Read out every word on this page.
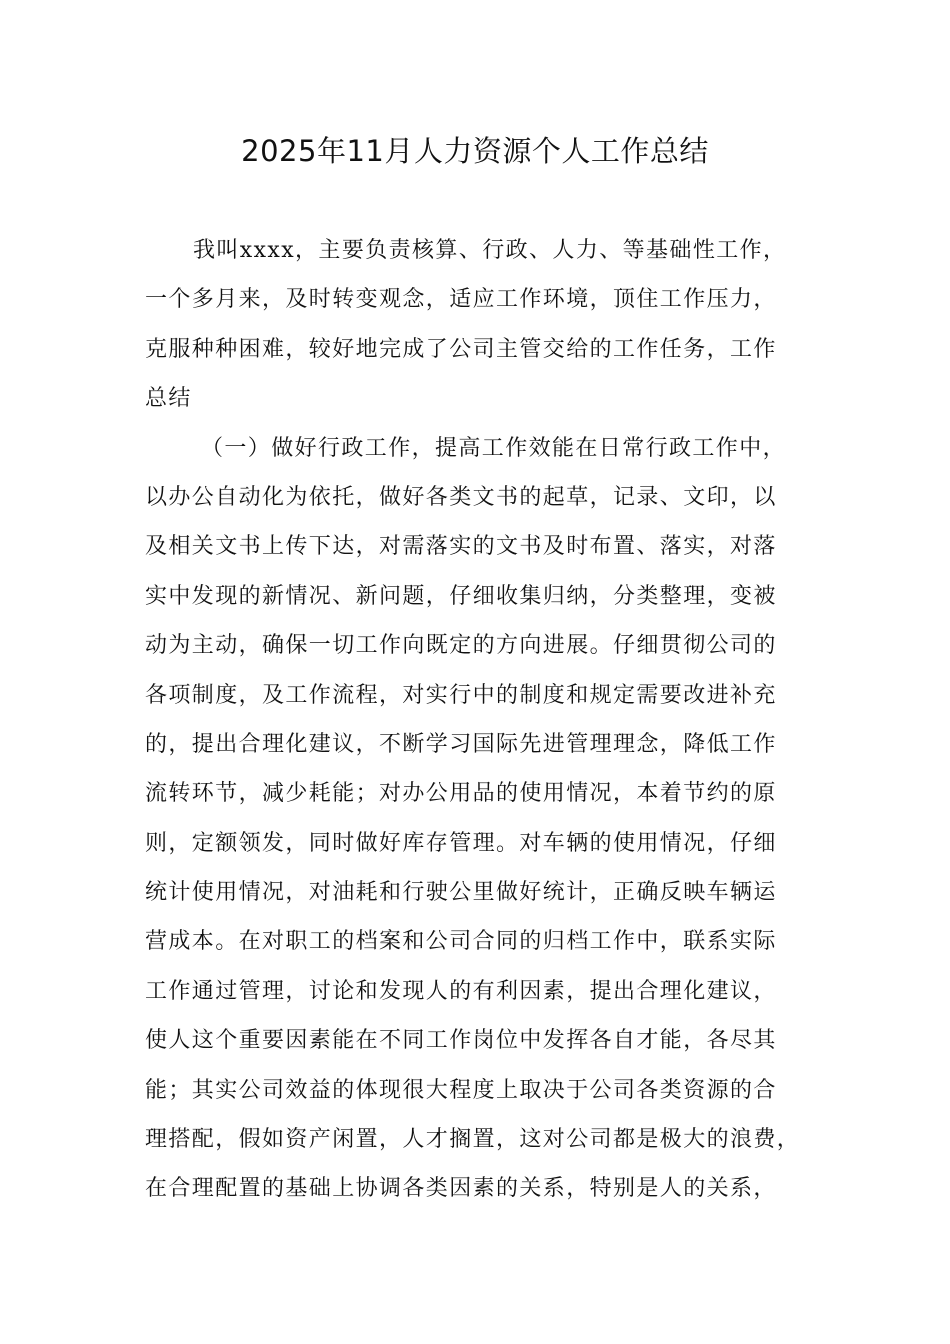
2025年11月人力资源个人工作总结
我叫xxxx，主要负责核算、行政、人力、等基础性工作，
一个多月来，及时转变观念，适应工作环境，顶住工作压力，
克服种种困难，较好地完成了公司主管交给的工作任务，工作
总结
（一）做好行政工作，提高工作效能在日常行政工作中，
以办公自动化为依托，做好各类文书的起草，记录、文印，以
及相关文书上传下达，对需落实的文书及时布置、落实，对落
实中发现的新情况、新问题，仔细收集归纳，分类整理，变被
动为主动，确保一切工作向既定的方向进展。仔细贯彻公司的
各项制度，及工作流程，对实行中的制度和规定需要改进补充
的，提出合理化建议，不断学习国际先进管理理念，降低工作
流转环节，减少耗能；对办公用品的使用情况，本着节约的原
则，定额领发，同时做好库存管理。对车辆的使用情况，仔细
统计使用情况，对油耗和行驶公里做好统计，正确反映车辆运
营成本。在对职工的档案和公司合同的归档工作中，联系实际
工作通过管理，讨论和发现人的有利因素，提出合理化建议，
使人这个重要因素能在不同工作岗位中发挥各自才能，各尽其
能；其实公司效益的体现很大程度上取决于公司各类资源的合
理搭配，假如资产闲置，人才搁置，这对公司都是极大的浪费，
在合理配置的基础上协调各类因素的关系，特别是人的关系，
